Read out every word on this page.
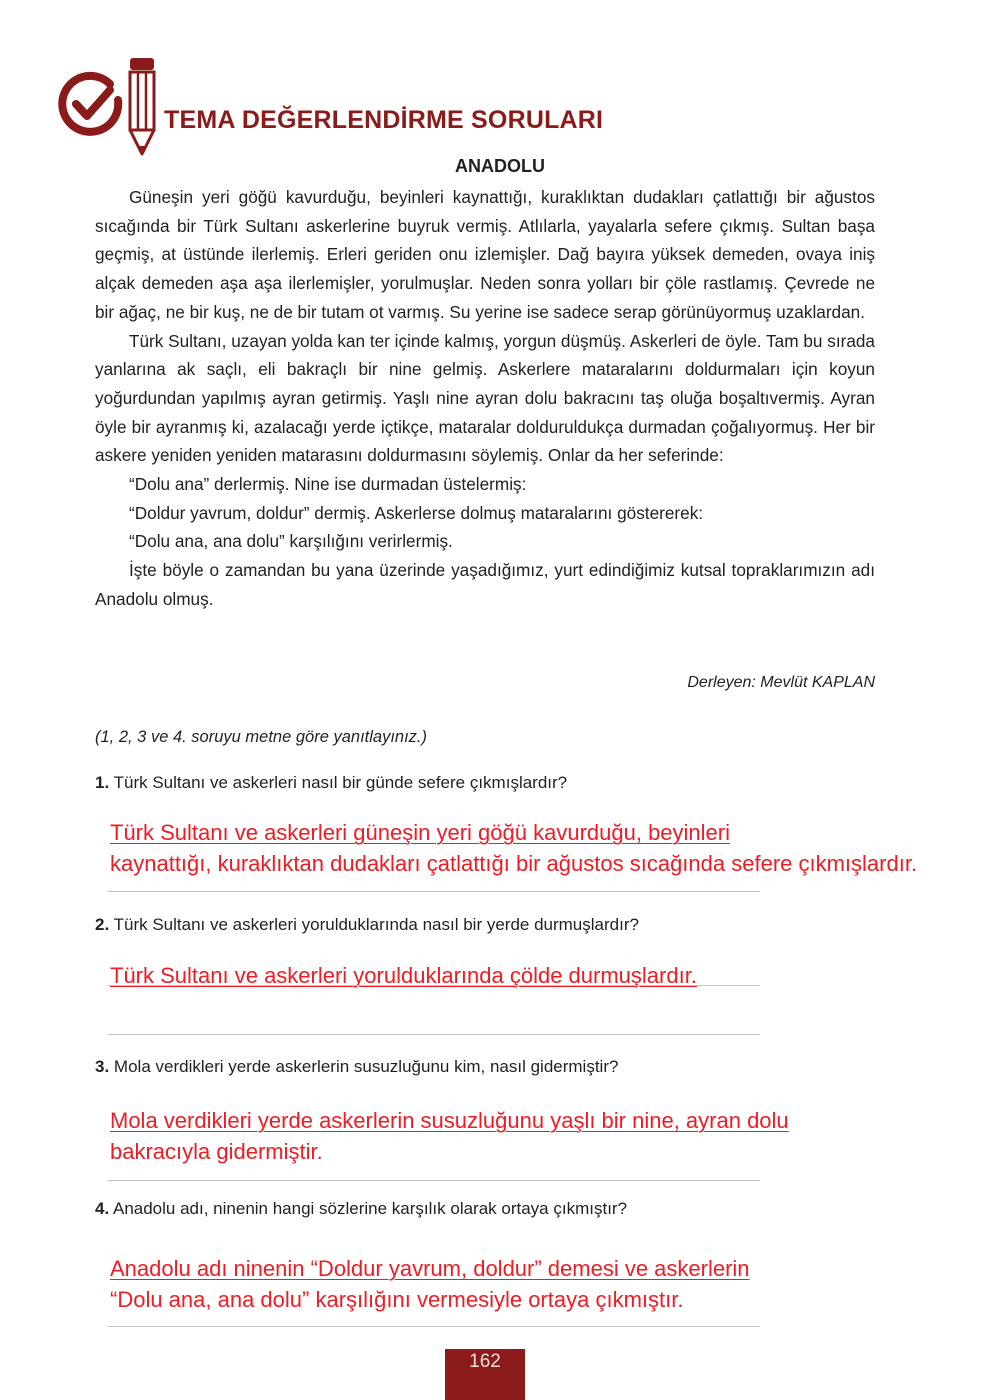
TEMA DEĞERLENDİRME SORULARI
ANADOLU

Güneşin yeri göğü kavurduğu, beyinleri kaynattığı, kuraklıktan dudakları çatlattığı bir ağustos sıcağında bir Türk Sultanı askerlerine buyruk vermiş. Atlılarla, yayalarla sefere çıkmış. Sultan başa geçmiş, at üstünde ilerlemiş. Erleri geriden onu izlemişler. Dağ bayıra yüksek demeden, ovaya iniş alçak demeden aşa aşa ilerlemişler, yorulmuşlar. Neden sonra yolları bir çöle rastlamış. Çevrede ne bir ağaç, ne bir kuş, ne de bir tutam ot varmış. Su yerine ise sadece serap görünüyormuş uzaklardan.

Türk Sultanı, uzayan yolda kan ter içinde kalmış, yorgun düşmüş. Askerleri de öyle. Tam bu sırada yanlarına ak saçlı, eli bakraçlı bir nine gelmiş. Askerlere mataralarını doldurmaları için koyun yoğurdundan yapılmış ayran getirmiş. Yaşlı nine ayran dolu bakracını taş oluğa boşaltıvermiş. Ayran öyle bir ayranmış ki, azalacağı yerde içtikçe, mataralar dolduruldukça durmadan çoğalıyormuş. Her bir askere yeniden yeniden matarasını doldurmasını söylemiş. Onlar da her seferinde:

“Dolu ana” derlermiş. Nine ise durmadan üstelermiş:

“Doldur yavrum, doldur” dermiş. Askerlerse dolmuş mataralarını göstererek:

“Dolu ana, ana dolu” karşılığını verirlermiş.

İşte böyle o zamandan bu yana üzerinde yaşadığımız, yurt edindiğimiz kutsal topraklarımızın adı Anadolu olmuş.

Derleyen: Mevlüt KAPLAN
(1, 2, 3 ve 4. soruyu metne göre yanıtlayınız.)
1. Türk Sultanı ve askerleri nasıl bir günde sefere çıkmışlardır?
Türk Sultanı ve askerleri güneşin yeri göğü kavurduğu, beyinleri
kaynattığı, kuraklıktan dudakları çatlattığı bir ağustos sıcağında sefere çıkmışlardır.
2. Türk Sultanı ve askerleri yorulduklarında nasıl bir yerde durmuşlardır?
Türk Sultanı ve askerleri yorulduklarında çölde durmuşlardır.
3. Mola verdikleri yerde askerlerin susuzluğunu kim, nasıl gidermiştir?
Mola verdikleri yerde askerlerin susuzluğunu yaşlı bir nine, ayran dolu
bakracıyla gidermiştir.
4. Anadolu adı, ninenin hangi sözlerine karşılık olarak ortaya çıkmıştır?
Anadolu adı ninenin “Doldur yavrum, doldur” demesi ve askerlerin
“Dolu ana, ana dolu” karşılığını vermesiyle ortaya çıkmıştır.
162
